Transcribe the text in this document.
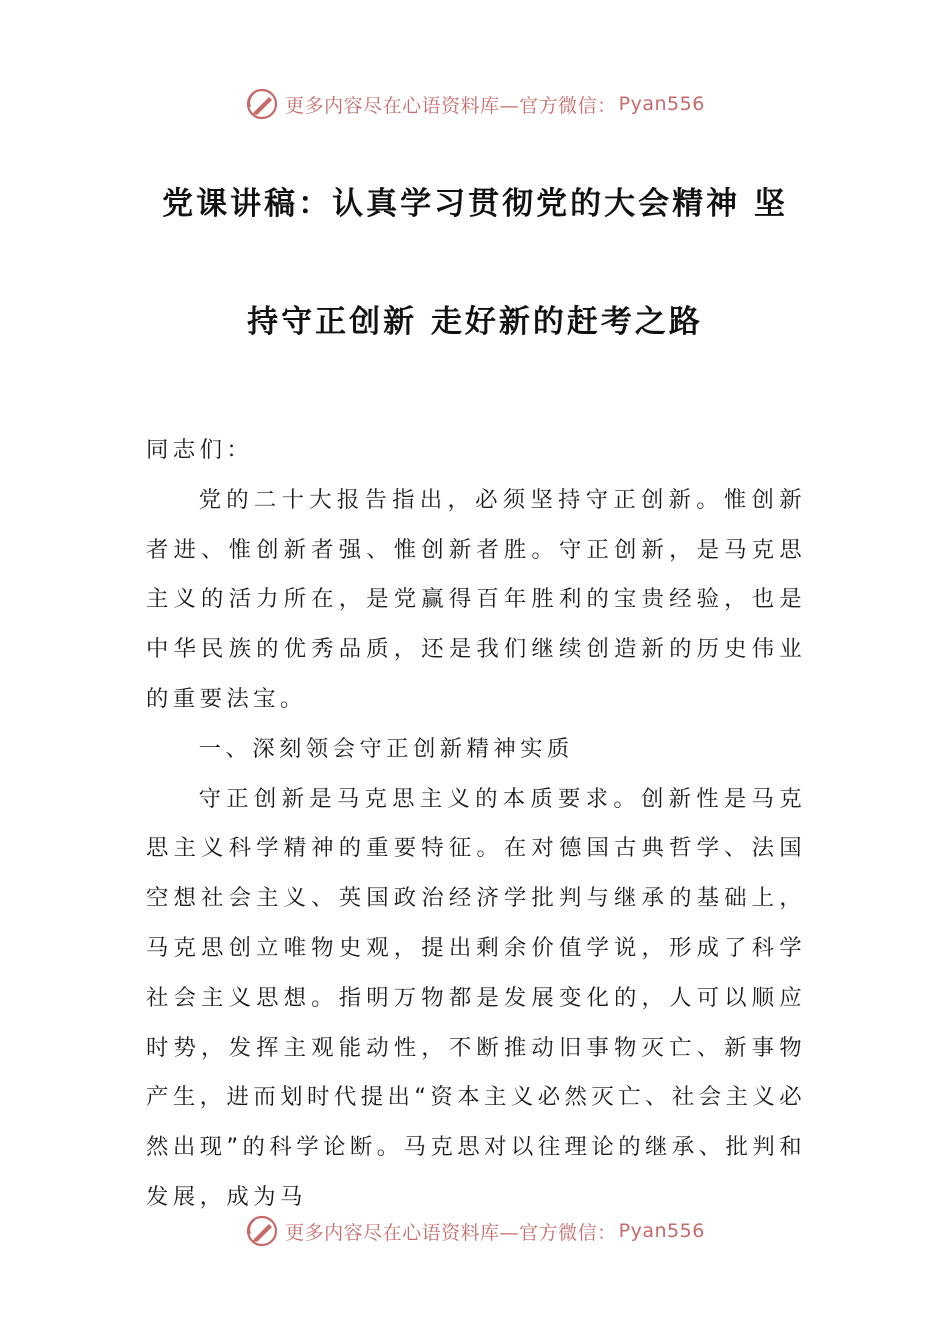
更多内容尽在心语资料库—官方微信： Pyan556
党课讲稿：认真学习贯彻党的大会精神 坚
持守正创新 走好新的赶考之路

同志们：

党的二十大报告指出，必须坚持守正创新。惟创新者进、惟创新者强、惟创新者胜。守正创新，是马克思主义的活力所在，是党赢得百年胜利的宝贵经验，也是中华民族的优秀品质，还是我们继续创造新的历史伟业的重要法宝。

一、深刻领会守正创新精神实质

守正创新是马克思主义的本质要求。创新性是马克思主义科学精神的重要特征。在对德国古典哲学、法国空想社会主义、英国政治经济学批判与继承的基础上，马克思创立唯物史观，提出剩余价值学说，形成了科学社会主义思想。指明万物都是发展变化的，人可以顺应时势，发挥主观能动性，不断推动旧事物灭亡、新事物产生，进而划时代提出“资本主义必然灭亡、社会主义必然出现”的科学论断。马克思对以往理论的继承、批判和发展，成为马

更多内容尽在心语资料库—官方微信： Pyan556
